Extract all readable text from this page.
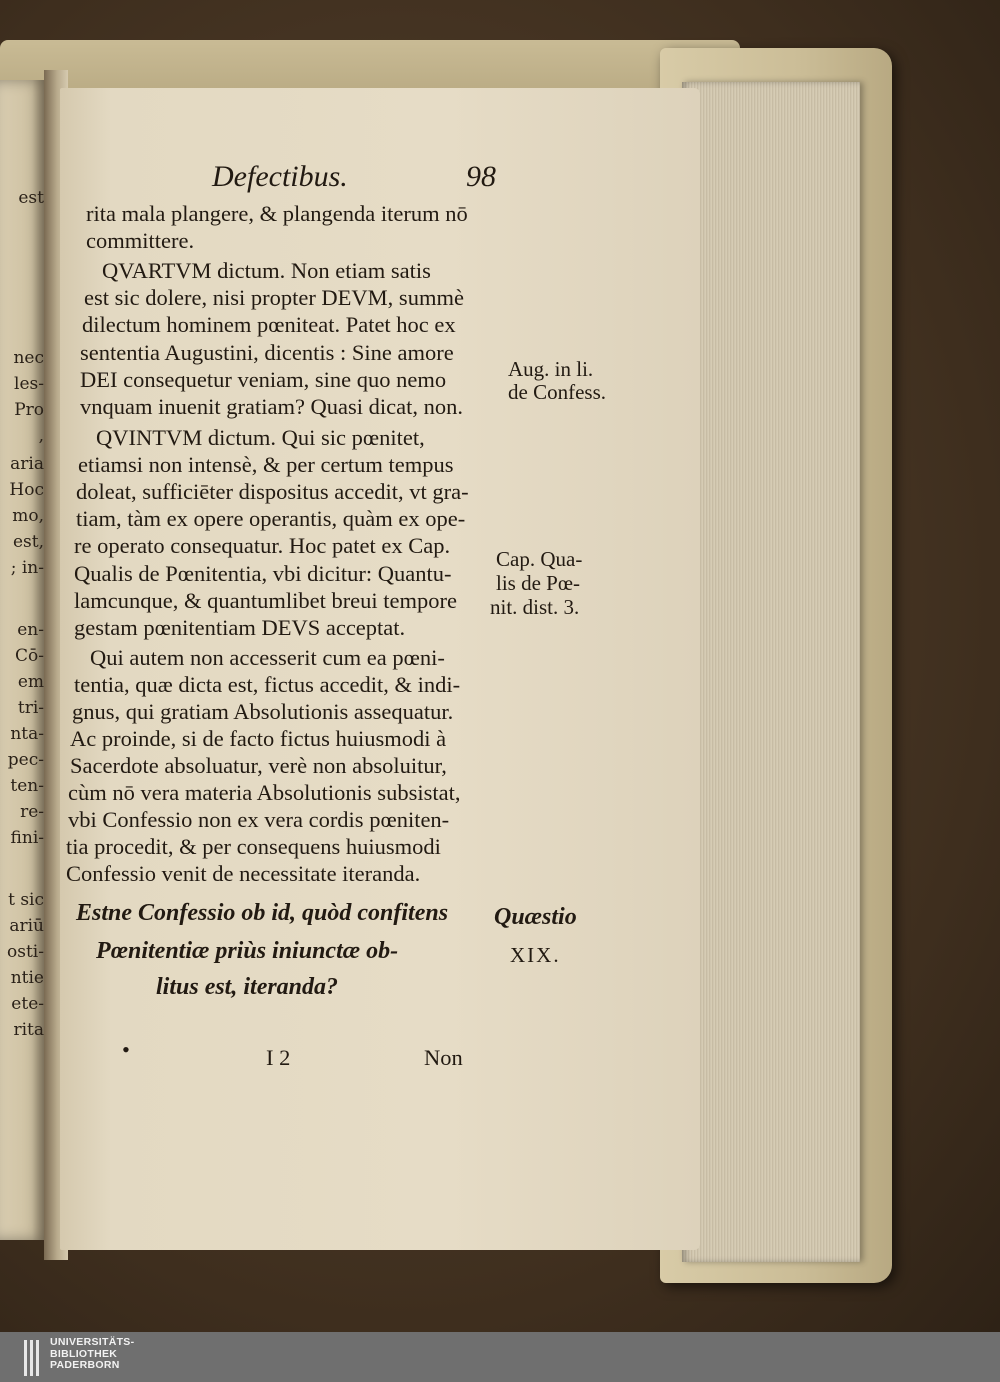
est
nec
les-
Pro
,
aria
Hoc
mo,
est,
; in-
en-
Cō-
em
tri-
nta-
pec-
ten-
re-
fini-
t sic
ariū
osti-
ntie
ete-
rita
Defectibus.	98
rita mala plangere, & plangenda iterum nō
committere.
QVARTVM dictum. Non etiam satis
est sic dolere, nisi propter DEVM, summè
dilectum hominem pœniteat. Patet hoc ex
sententia Augustini, dicentis : Sine amore
DEI consequetur veniam, sine quo nemo
vnquam inuenit gratiam? Quasi dicat, non.
QVINTVM dictum. Qui sic pœnitet,
etiamsi non intensè, & per certum tempus
doleat, sufficiēter dispositus accedit, vt gra-
tiam, tàm ex opere operantis, quàm ex ope-
re operato consequatur. Hoc patet ex Cap.
Qualis de Pœnitentia, vbi dicitur: Quantu-
lamcunque, & quantumlibet breui tempore
gestam pœnitentiam DEVS acceptat.
Qui autem non accesserit cum ea pœni-
tentia, quæ dicta est, fictus accedit, & indi-
gnus, qui gratiam Absolutionis assequatur.
Ac proinde, si de facto fictus huiusmodi à
Sacerdote absoluatur, verè non absoluitur,
cùm nō vera materia Absolutionis subsistat,
vbi Confessio non ex vera cordis pœniten-
tia procedit, & per consequens huiusmodi
Confessio venit de necessitate iteranda.
Estne Confessio ob id, quòd confitens
Pœnitentiæ priùs iniunctæ ob-
litus est, iteranda?
Aug. in li.
de Confess.
Cap. Qua-
lis de Pœ-
nit. dist. 3.
Quæstio
XIX.
•	I 2	Non
UNIVERSITÄTS-
BIBLIOTHEK
PADERBORN
